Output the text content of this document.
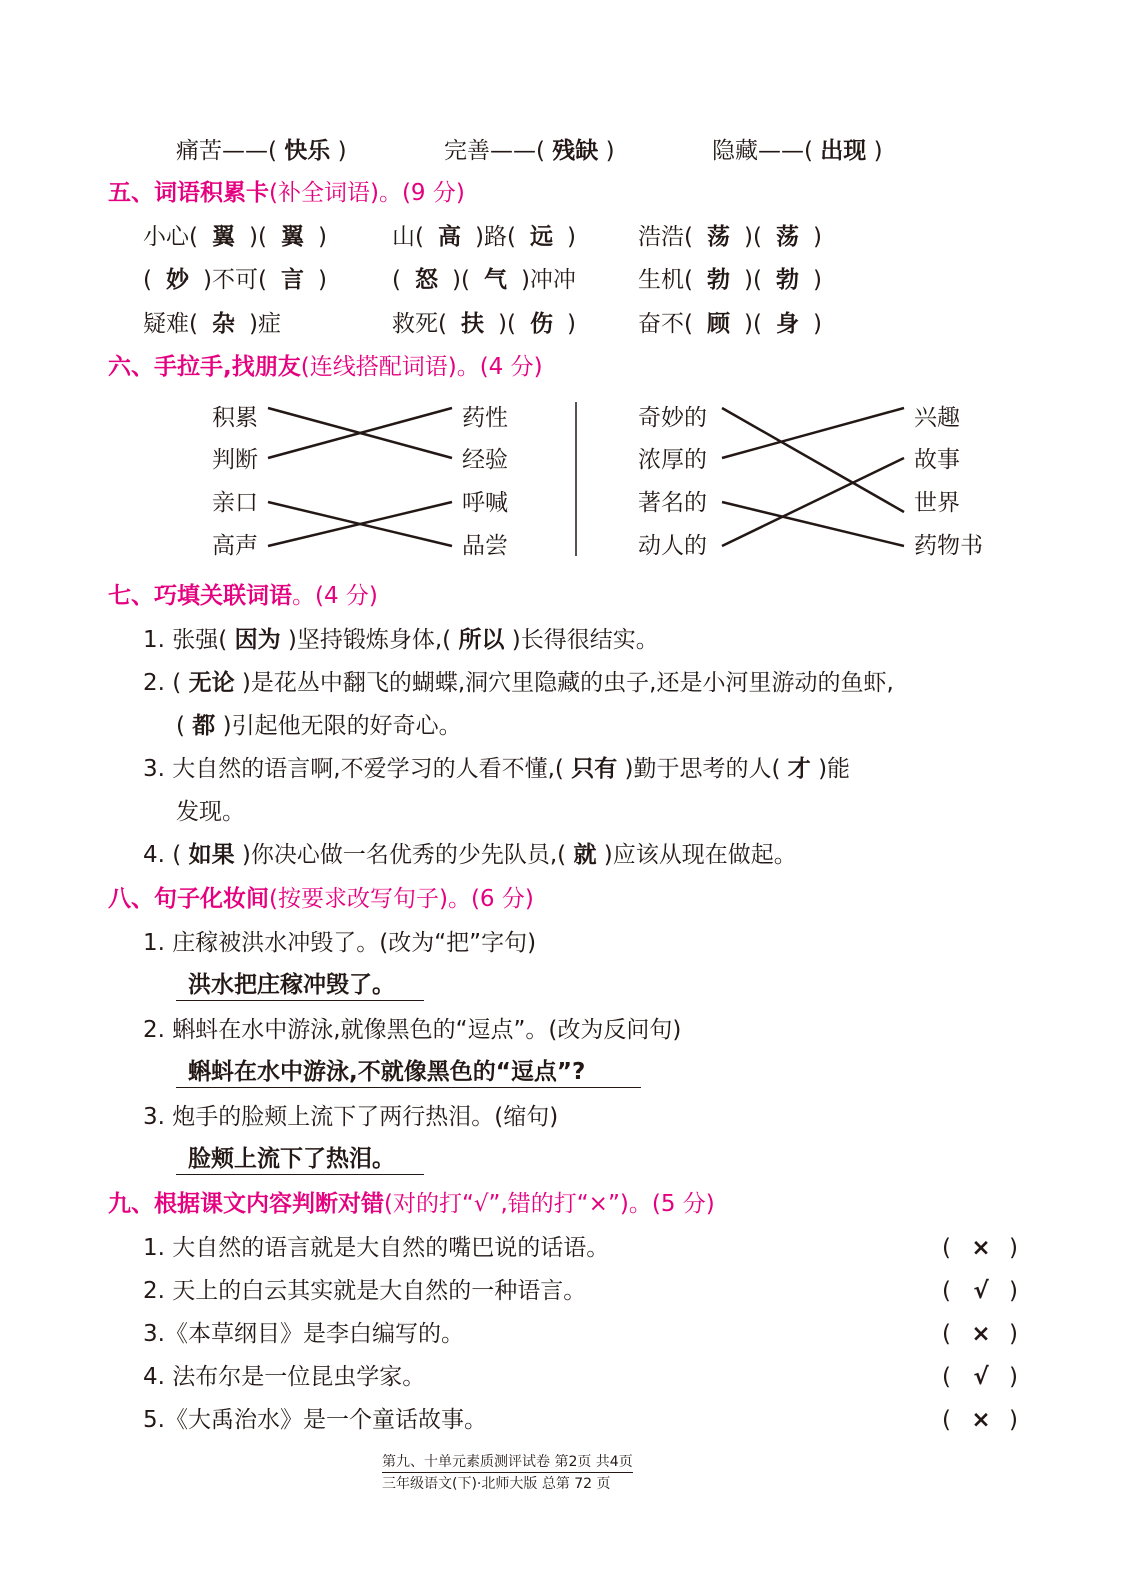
痛苦——( 快乐 )	完善——( 残缺 )	隐藏——( 出现 )
五、词语积累卡(补全词语)。(9 分)
小心( 翼 )( 翼 )	山( 高 )路( 远 )	浩浩( 荡 )( 荡 )
( 妙 )不可( 言 )	( 怒 )( 气 )冲冲	生机( 勃 )( 勃 )
疑难( 杂 )症	救死( 扶 )( 伤 )	奋不( 顾 )( 身 )
六、手拉手,找朋友(连线搭配词语)。(4 分)
积累
判断
亲口
高声
药性
经验
呼喊
品尝
奇妙的
浓厚的
著名的
动人的
兴趣
故事
世界
药物书
七、巧填关联词语。(4 分)
1. 张强( 因为 )坚持锻炼身体,( 所以 )长得很结实。
2. ( 无论 )是花丛中翻飞的蝴蝶,洞穴里隐藏的虫子,还是小河里游动的鱼虾,
( 都 )引起他无限的好奇心。
3. 大自然的语言啊,不爱学习的人看不懂,( 只有 )勤于思考的人( 才 )能
发现。
4. ( 如果 )你决心做一名优秀的少先队员,( 就 )应该从现在做起。
八、句子化妆间(按要求改写句子)。(6 分)
1. 庄稼被洪水冲毁了。(改为“把”字句)
洪水把庄稼冲毁了。
2. 蝌蚪在水中游泳,就像黑色的“逗点”。(改为反问句)
蝌蚪在水中游泳,不就像黑色的“逗点”?
3. 炮手的脸颊上流下了两行热泪。(缩句)
脸颊上流下了热泪。
九、根据课文内容判断对错(对的打“√”,错的打“×”)。(5 分)
1. 大自然的语言就是大自然的嘴巴说的话语。	( × )
2. 天上的白云其实就是大自然的一种语言。	( √ )
3.《本草纲目》是李白编写的。	( × )
4. 法布尔是一位昆虫学家。	( √ )
5.《大禹治水》是一个童话故事。	( × )
第九、十单元素质测评试卷 第2页 共4页
三年级语文(下)·北师大版 总第 72 页
